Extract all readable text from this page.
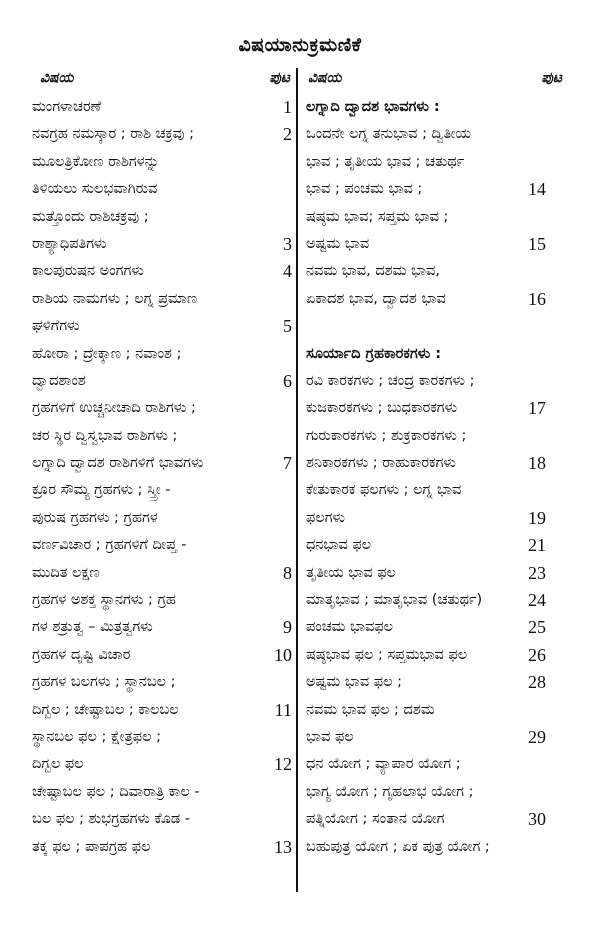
ವಿಷಯಾನುಕ್ರಮಣಿಕೆ
ವಿಷಯ	ಪುಟ
ಮಂಗಳಾಚರಣೆ	1
ನವಗ್ರಹ ನಮಸ್ಕಾರ ; ರಾಶಿ ಚಕ್ರವು ;	2
ಮೂಲತ್ರಿಕೋಣ ರಾಶಿಗಳನ್ನು
ತಿಳಿಯಲು ಸುಲಭವಾಗಿರುವ
ಮತ್ತೊಂದು ರಾಶಿಚಕ್ರವು ;
ರಾಶ್ಯಾಧಿಪತಿಗಳು	3
ಕಾಲಪುರುಷನ ಅಂಗಗಳು	4
ರಾಶಿಯ ನಾಮಗಳು ; ಲಗ್ನ ಪ್ರಮಾಣ
ಘಳಿಗೆಗಳು	5
ಹೋರಾ ; ದ್ರೇಕ್ಕಾಣ ; ನವಾಂಶ ;
ದ್ವಾದಶಾಂಶ	6
ಗ್ರಹಗಳಿಗೆ ಉಚ್ಚನೀಚಾದಿ ರಾಶಿಗಳು ;
ಚರ ಸ್ಥಿರ ದ್ವಿಸ್ವಭಾವ ರಾಶಿಗಳು ;
ಲಗ್ನಾದಿ ದ್ವಾದಶ ರಾಶಿಗಳಿಗೆ ಭಾವಗಳು	7
ಕ್ರೂರ ಸೌಮ್ಯ ಗ್ರಹಗಳು ; ಸ್ತ್ರೀ -
ಪುರುಷ ಗ್ರಹಗಳು ; ಗ್ರಹಗಳ
ವರ್ಣವಿಚಾರ ; ಗ್ರಹಗಳಿಗೆ ದೀಪ್ತ -
ಮುದಿತ ಲಕ್ಷಣ	8
ಗ್ರಹಗಳ ಅಶಕ್ತ ಸ್ಥಾನಗಳು ; ಗ್ರಹ
ಗಳ ಶತ್ರುತ್ವ – ಮಿತ್ರತ್ವಗಳು	9
ಗ್ರಹಗಳ ದೃಷ್ಟಿ ವಿಚಾರ	10
ಗ್ರಹಗಳ ಬಲಗಳು ; ಸ್ಥಾನಬಲ ;
ದಿಗ್ಬಲ ; ಚೇಷ್ಟಾಬಲ ; ಕಾಲಬಲ	11
ಸ್ಥಾನಬಲ ಫಲ ; ಕ್ಷೇತ್ರಫಲ ;
ದಿಗ್ಬಲ ಫಲ	12
ಚೇಷ್ಟಾಬಲ ಫಲ ; ದಿವಾರಾತ್ರಿ ಕಾಲ -
ಬಲ ಫಲ ; ಶುಭಗ್ರಹಗಳು ಕೊಡ -
ತಕ್ಕ ಫಲ ; ಪಾಪಗ್ರಹ ಫಲ	13
ವಿಷಯ	ಪುಟ
ಲಗ್ನಾದಿ ದ್ವಾದಶ ಭಾವಗಳು :
ಒಂದನೇ ಲಗ್ನ ತನುಭಾವ ; ದ್ವಿತೀಯ
ಭಾವ ; ತೃತೀಯ ಭಾವ ; ಚತುರ್ಥ
ಭಾವ ; ಪಂಚಮ ಭಾವ ;	14
ಷಷ್ಠಮ ಭಾವ; ಸಪ್ತಮ ಭಾವ ;
ಅಷ್ಟಮ ಭಾವ	15
ನವಮ ಭಾವ, ದಶಮ ಭಾವ,
ಏಕಾದಶ ಭಾವ, ದ್ವಾದಶ ಭಾವ	16
ಸೂರ್ಯಾದಿ ಗ್ರಹಕಾರಕಗಳು :
ರವಿ ಕಾರಕಗಳು ; ಚಂದ್ರ ಕಾರಕಗಳು ;
ಕುಜಕಾರಕಗಳು ; ಬುಧಕಾರಕಗಳು	17
ಗುರುಕಾರಕಗಳು ; ಶುಕ್ರಕಾರಕಗಳು ;
ಶನಿಕಾರಕಗಳು ; ರಾಹುಕಾರಕಗಳು	18
ಕೇತುಕಾರಕ ಫಲಗಳು ; ಲಗ್ನ ಭಾವ
ಫಲಗಳು	19
ಧನಭಾವ ಫಲ	21
ತೃತೀಯ ಭಾವ ಫಲ	23
ಮಾತೃಭಾವ ; ಮಾತೃಭಾವ (ಚತುರ್ಥ)	24
ಪಂಚಮ ಭಾವಫಲ	25
ಷಷ್ಠಭಾವ ಫಲ ; ಸಪ್ತಮಭಾವ ಫಲ	26
ಅಷ್ಟಮ ಭಾವ ಫಲ ;	28
ನವಮ ಭಾವ ಫಲ ; ದಶಮ
ಭಾವ ಫಲ	29
ಧನ ಯೋಗ ; ವ್ಯಾಪಾರ ಯೋಗ ;
ಭಾಗ್ಯ ಯೋಗ ; ಗೃಹಲಾಭ ಯೋಗ ;
ಪತ್ನಿಯೋಗ ; ಸಂತಾನ ಯೋಗ	30
ಬಹುಪುತ್ರ ಯೋಗ ; ಏಕ ಪುತ್ರ ಯೋಗ ;
